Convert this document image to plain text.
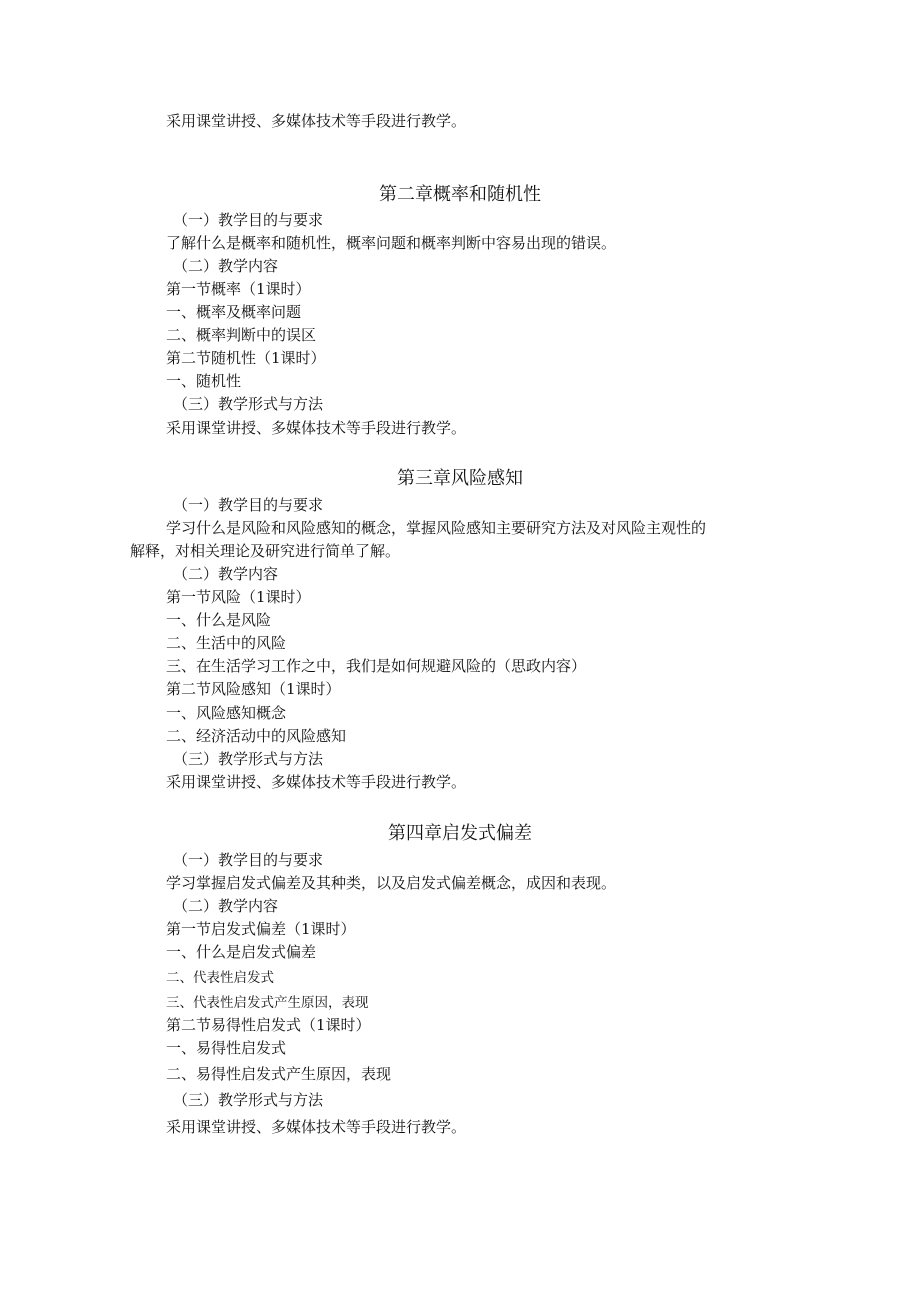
采用课堂讲授、多媒体技术等手段进行教学。
第二章概率和随机性
（一）教学目的与要求
了解什么是概率和随机性，概率问题和概率判断中容易出现的错误。
（二）教学内容
第一节概率（1课时）
一、概率及概率问题
二、概率判断中的误区
第二节随机性（1课时）
一、随机性
（三）教学形式与方法
采用课堂讲授、多媒体技术等手段进行教学。
第三章风险感知
（一）教学目的与要求
学习什么是风险和风险感知的概念，掌握风险感知主要研究方法及对风险主观性的
解释，对相关理论及研究进行简单了解。
（二）教学内容
第一节风险（1课时）
一、什么是风险
二、生活中的风险
三、在生活学习工作之中，我们是如何规避风险的（思政内容）
第二节风险感知（1课时）
一、风险感知概念
二、经济活动中的风险感知
（三）教学形式与方法
采用课堂讲授、多媒体技术等手段进行教学。
第四章启发式偏差
（一）教学目的与要求
学习掌握启发式偏差及其种类，以及启发式偏差概念，成因和表现。
（二）教学内容
第一节启发式偏差（1课时）
一、什么是启发式偏差
二、代表性启发式
三、代表性启发式产生原因，表现
第二节易得性启发式（1课时）
一、易得性启发式
二、易得性启发式产生原因，表现
（三）教学形式与方法
采用课堂讲授、多媒体技术等手段进行教学。
